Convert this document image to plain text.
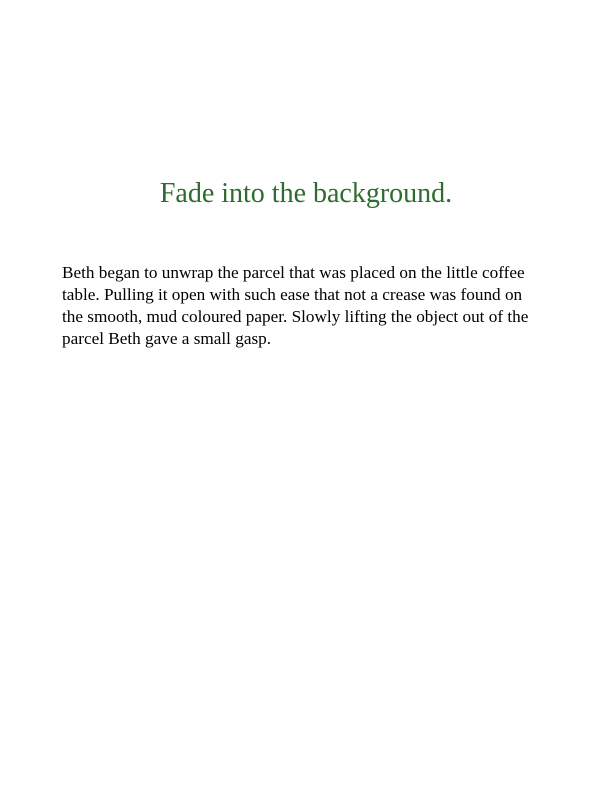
Fade into the background.

Beth began to unwrap the parcel that was placed on the little coffee
table. Pulling it open with such ease that not a crease was found on
the smooth, mud coloured paper. Slowly lifting the object out of the
parcel Beth gave a small gasp.
